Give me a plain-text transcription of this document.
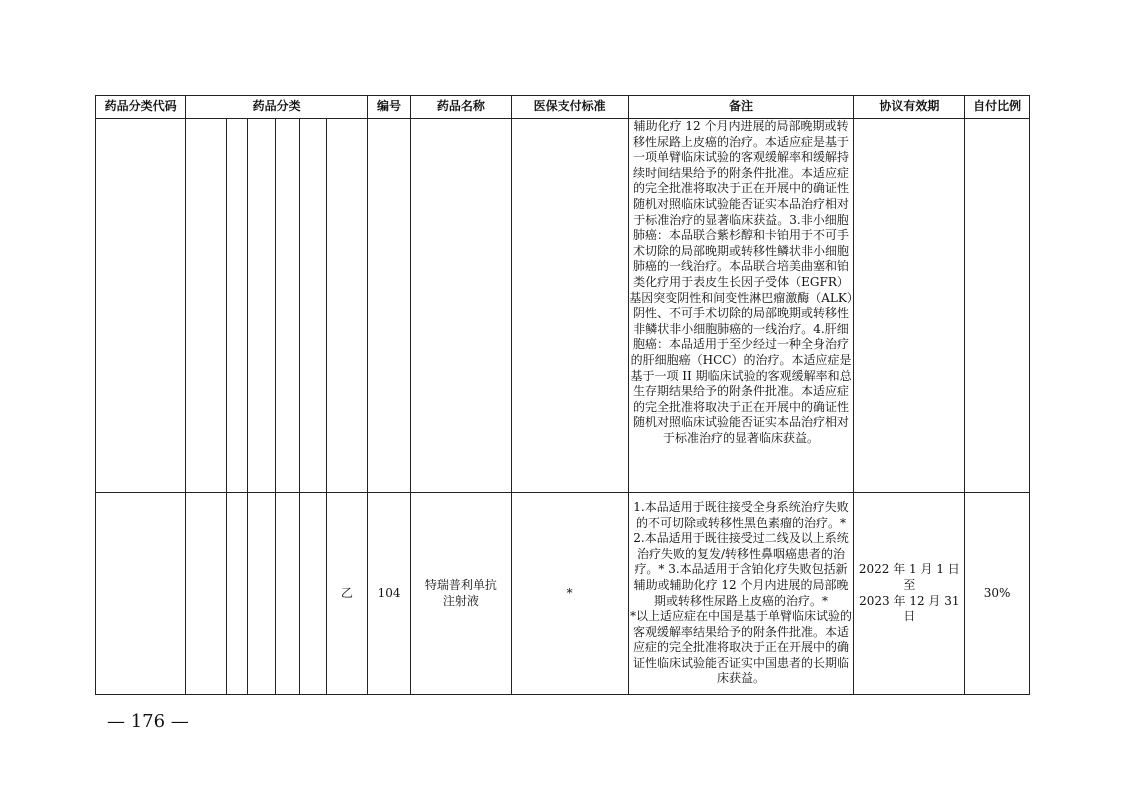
药品分类代码	药品分类						编号	药品名称	医保支付标准	备注	协议有效期	自付比例

										辅助化疗 12 个月内进展的局部晚期或转移性尿路上皮癌的治疗。本适应症是基于一项单臂临床试验的客观缓解率和缓解持续时间结果给予的附条件批准。本适应症的完全批准将取决于正在开展中的确证性随机对照临床试验能否证实本品治疗相对于标准治疗的显著临床获益。3.非小细胞肺癌：本品联合紫杉醇和卡铂用于不可手术切除的局部晚期或转移性鳞状非小细胞肺癌的一线治疗。本品联合培美曲塞和铂类化疗用于表皮生长因子受体（EGFR）基因突变阴性和间变性淋巴瘤激酶（ALK）阴性、不可手术切除的局部晚期或转移性非鳞状非小细胞肺癌的一线治疗。4.肝细胞癌：本品适用于至少经过一种全身治疗的肝细胞癌（HCC）的治疗。本适应症是基于一项 II 期临床试验的客观缓解率和总生存期结果给予的附条件批准。本适应症的完全批准将取决于正在开展中的确证性随机对照临床试验能否证实本品治疗相对于标准治疗的显著临床获益。		

						乙	104	特瑞普利单抗
注射液	*	1.本品适用于既往接受全身系统治疗失败的不可切除或转移性黑色素瘤的治疗。* 2.本品适用于既往接受过二线及以上系统治疗失败的复发/转移性鼻咽癌患者的治疗。* 3.本品适用于含铂化疗失败包括新辅助或辅助化疗 12 个月内进展的局部晚期或转移性尿路上皮癌的治疗。*
*以上适应症在中国是基于单臂临床试验的客观缓解率结果给予的附条件批准。本适应症的完全批准将取决于正在开展中的确证性临床试验能否证实中国患者的长期临床获益。	2022 年 1 月 1 日至
2023 年 12 月 31 日	30%
— 176 —
